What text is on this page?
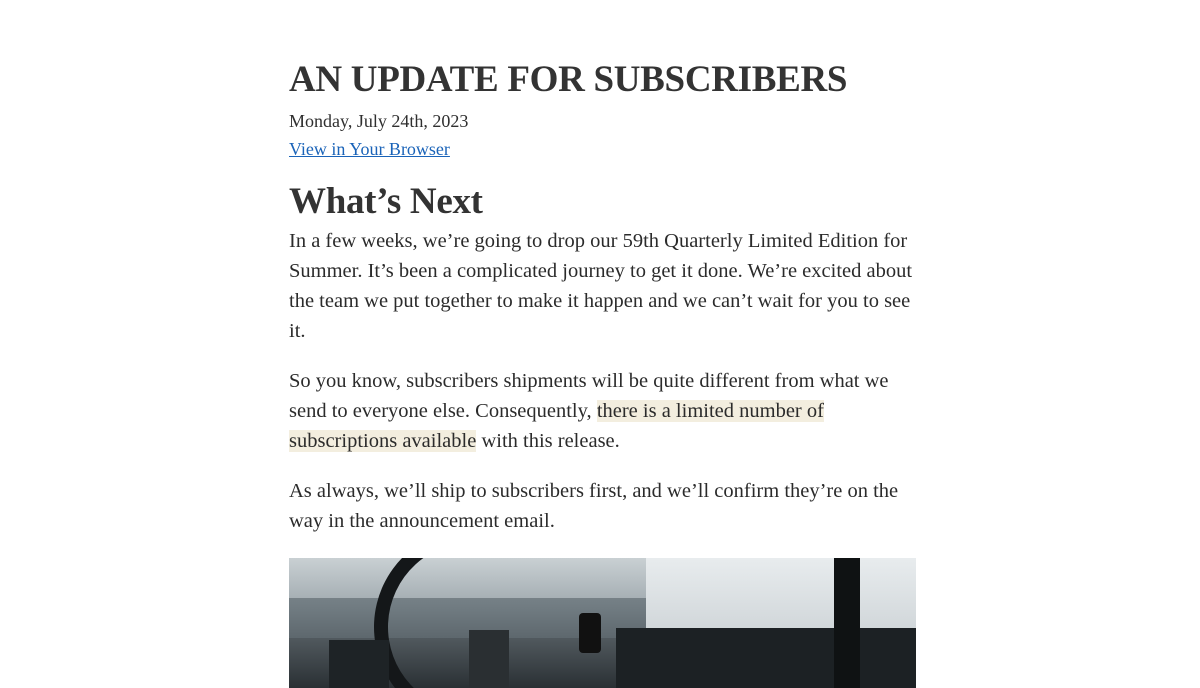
AN UPDATE FOR SUBSCRIBERS
Monday, July 24th, 2023
View in Your Browser
What’s Next

In a few weeks, we’re going to drop our 59th Quarterly Limited Edition for Summer. It’s been a complicated journey to get it done. We’re excited about the team we put together to make it happen and we can’t wait for you to see it.

So you know, subscribers shipments will be quite different from what we send to everyone else. Consequently, there is a limited number of subscriptions available with this release.

As always, we’ll ship to subscribers first, and we’ll confirm they’re on the way in the announcement email.
